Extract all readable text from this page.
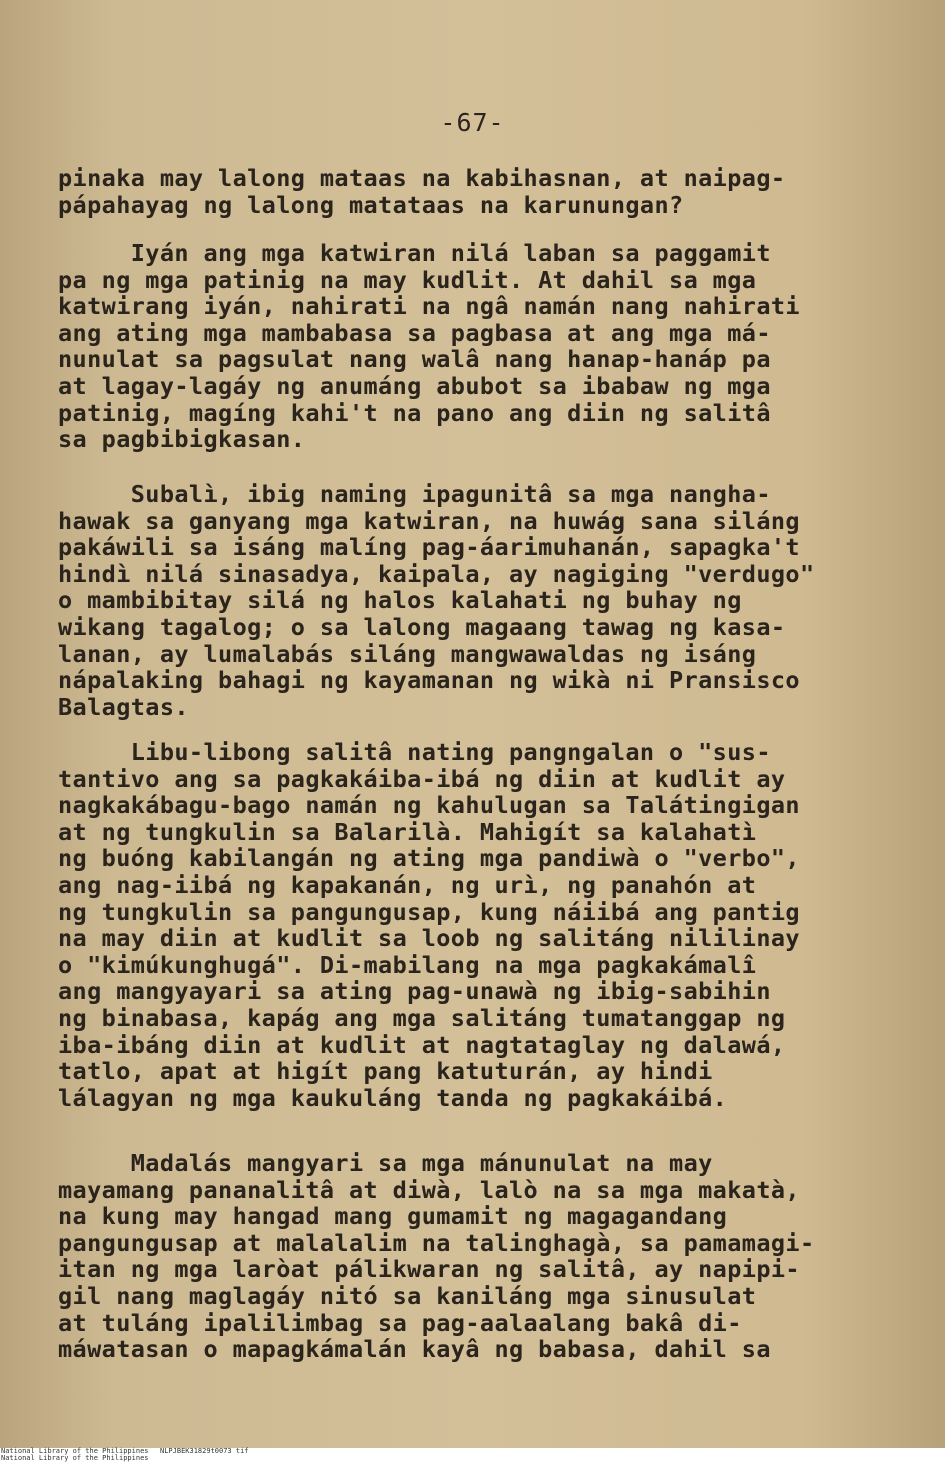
-67-
pinaka may lalong mataas na kabihasnan, at naipag-
pápahayag ng lalong matataas na karunungan?
Iyán ang mga katwiran nilá laban sa paggamit
pa ng mga patinig na may kudlit. At dahil sa mga
katwirang iyán, nahirati na ngâ namán nang nahirati
ang ating mga mambabasa sa pagbasa at ang mga má-
nunulat sa pagsulat nang walâ nang hanap-hanáp pa
at lagay-lagáy ng anumáng abubot sa ibabaw ng mga
patinig, magíng kahi't na pano ang diin ng salitâ
sa pagbibigkasan.
Subalì, ibig naming ipagunitâ sa mga nangha-
hawak sa ganyang mga katwiran, na huwág sana siláng
pakáwili sa isáng malíng pag-áarimuhanán, sapagka't
hindì nilá sinasadya, kaipala, ay nagiging "verdugo"
o mambibitay silá ng halos kalahati ng buhay ng
wikang tagalog; o sa lalong magaang tawag ng kasa-
lanan, ay lumalabás siláng mangwawaldas ng isáng
nápalaking bahagi ng kayamanan ng wikà ni Pransisco
Balagtas.
Libu-libong salitâ nating pangngalan o "sus-
tantivo ang sa pagkakáiba-ibá ng diin at kudlit ay
nagkakábagu-bago namán ng kahulugan sa Talátingigan
at ng tungkulin sa Balarilà. Mahigít sa kalahatì
ng buóng kabilangán ng ating mga pandiwà o "verbo",
ang nag-iibá ng kapakanán, ng urì, ng panahón at
ng tungkulin sa pangungusap, kung náiibá ang pantig
na may diin at kudlit sa loob ng salitáng nililinay
o "kimúkunghugá". Di-mabilang na mga pagkakámalî
ang mangyayari sa ating pag-unawà ng ibig-sabihin
ng binabasa, kapág ang mga salitáng tumatanggap ng
iba-ibáng diin at kudlit at nagtataglay ng dalawá,
tatlo, apat at higít pang katuturán, ay hindi
lálagyan ng mga kaukuláng tanda ng pagkakáibá.
Madalás mangyari sa mga mánunulat na may
mayamang pananalitâ at diwà, lalò na sa mga makatà,
na kung may hangad mang gumamit ng magagandang
pangungusap at malalalim na talinghagà, sa pamamagi-
itan ng mga laròat pálikwaran ng salitâ, ay napipi-
gil nang maglagáy nitó sa kaniláng mga sinusulat
at tuláng ipalilimbag sa pag-aalaalang bakâ di-
máwatasan o mapagkámalán kayâ ng babasa, dahil sa
National Library of the Philippines
National Library of the Philippines
NLPJBEK31829t0073 tif
